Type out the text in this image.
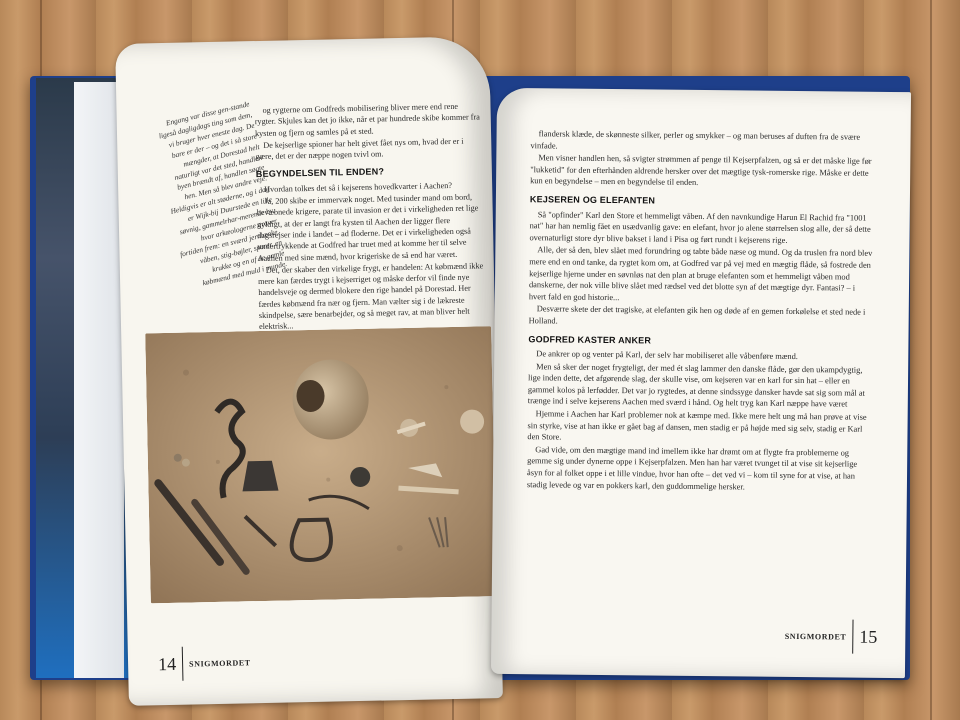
Engang var disse gen-stande ligeså dagligdags ting som dem, vi bruger hver eneste dag. De bare er der – og det i så store mængder, at Dorestad helt naturligt var det sted, handlen byen brændt af, handlen søgte hen. Men så blev andre veje. Heldigvis er alt støderne, og i dag er Wijk-bij Duurstede en lille søvnig, gammelrhar-merende by, hvor arkæologerne graver fortiden frem: en sværd jernlænke, våben, stig-bøjler, sporer, en krukke og en af de gamle købmænd med muld i munde.

og rygterne om Godfreds mobilisering bliver mere end rene rygter. Skjules kan det jo ikke, når et par hundrede skibe kommer fra kysten og fjern og samles på et sted.

De kejserlige spioner har helt givet fået nys om, hvad der er i gære, det er der næppe nogen tvivl om.

BEGYNDELSEN TIL ENDEN?

Hvordan tolkes det så i kejserens hovedkvarter i Aachen?

Ja, 200 skibe er immervæk noget. Med tusinder mand om bord, bevæbnede krigere, parate til invasion er det i virkeligheden ret lige gyldigt, at der er langt fra kysten til Aachen der ligger flere dagsrejser inde i landet – ad floderne. Det er i virkeligheden også undertrykkende at Godfred har truet med at komme her til selve Aachen med sine mænd, hvor krigeriske de så end har været.

Det, der skaber den virkelige frygt, er handelen: At købmænd ikke mere kan færdes trygt i kejserriget og måske derfor vil finde nye handelsveje og dermed blokere den rige handel på Dorestad. Her færdes købmænd fra nær og fjern. Man vælter sig i de lækreste skindpelse, sære benarbejder, og så meget rav, at man bliver helt elektrisk...

14 SNIGMORDET

flandersk klæde, de skønneste silker, perler og smykker – og man beruses af duften fra de svære vinfade.

Men visner handlen hen, så svigter strømmen af penge til Kejserpfalzen, og så er det måske lige før "lukketid" for den efterhånden aldrende hersker over det mægtige tysk-romerske rige. Måske er dette kun en begyndelse – men en begyndelse til enden.

KEJSEREN OG ELEFANTEN

Så "opfinder" Karl den Store et hemmeligt våben. Af den navnkundige Harun El Rachid fra "1001 nat" har han nemlig fået en usædvanlig gave: en elefant, hvor jo alene størrelsen slog alle, der så dette overnaturligt store dyr blive bakset i land i Pisa og ført rundt i kejserens rige.

Alle, der så den, blev slået med forundring og tabte både næse og mund. Og da truslen fra nord blev mere end en ond tanke, da rygtet kom om, at Godfred var på vej med en mægtig flåde, så fostrede den kejserlige hjerne under en søvnløs nat den plan at bruge elefanten som et hemmeligt våben mod danskerne, der nok ville blive slået med rædsel ved det blotte syn af det mægtige dyr. Fantasi? – i hvert fald en god historie...

Desværre skete der det tragiske, at elefanten gik hen og døde af en gemen forkølelse et sted nede i Holland.

GODFRED KASTER ANKER

De ankrer op og venter på Karl, der selv har mobiliseret alle våbenføre mænd.

Men så sker der noget frygteligt, der med ét slag lammer den danske flåde, gør den ukampdygtig, lige inden dette, det afgørende slag, der skulle vise, om kejseren var en karl for sin hat – eller en gammel kolos på lerfødder. Det var jo rygtedes, at denne sindssyge dansker havde sat sig som mål at trænge ind i selve kejserens Aachen med sværd i hånd. Og helt tryg kan Karl næppe have været

Hjemme i Aachen har Karl problemer nok at kæmpe med. Ikke mere helt ung må han prøve at vise sin styrke, vise at han ikke er gået bag af dansen, men stadig er på højde med sig selv, stadig er Karl den Store.

Gad vide, om den mægtige mand ind imellem ikke har drømt om at flygte fra problemerne og gemme sig under dynerne oppe i Kejserpfalzen. Men han har været tvunget til at vise sit kejserlige åsyn for al folket oppe i et lille vindue, hvor han ofte – det ved vi – kom til syne for at vise, at han stadig levede og var en pokkers karl, den guddommelige hersker.

SNIGMORDET 15
